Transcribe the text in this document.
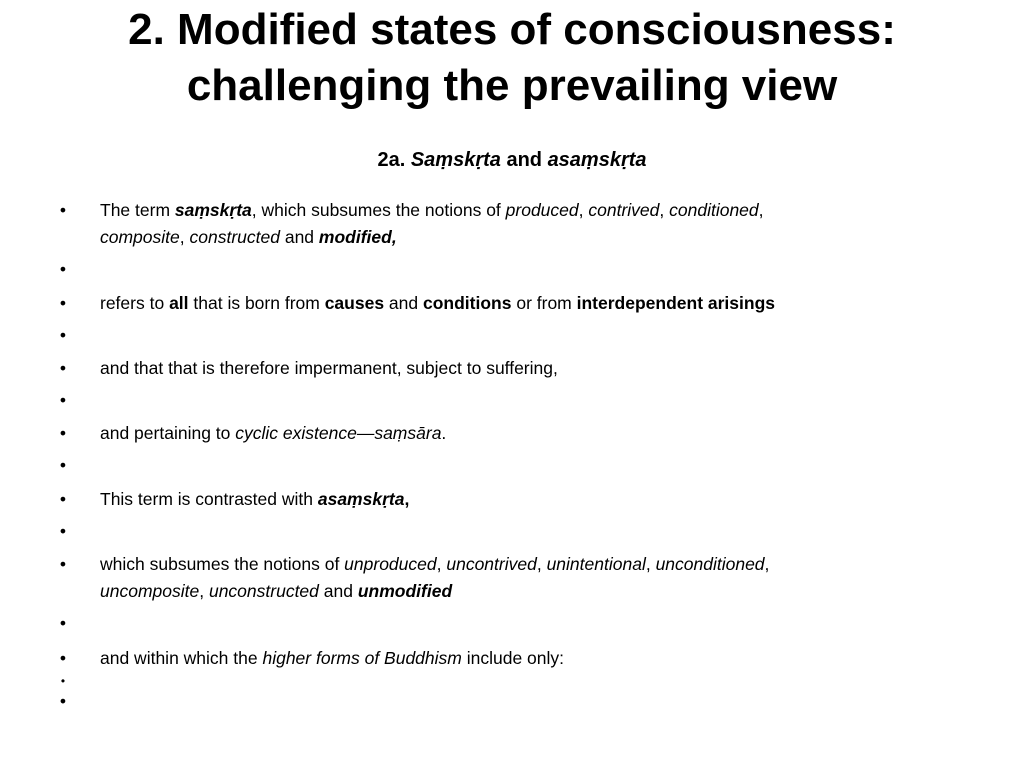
2. Modified states of consciousness:
challenging the prevailing view
2a. Saṃskṛta and asaṃskṛta
• The term saṃskṛta, which subsumes the notions of produced, contrived, conditioned,
composite, constructed and modified,
•
• refers to all that is born from causes and conditions or from interdependent arisings
•
• and that that is therefore impermanent, subject to suffering,
•
• and pertaining to cyclic existence—saṃsāra.
•
• This term is contrasted with asaṃskṛta,
•
• which subsumes the notions of unproduced, uncontrived, unintentional, unconditioned,
uncomposite, unconstructed and unmodified
•
• and within which the higher forms of Buddhism include only:
•
•
